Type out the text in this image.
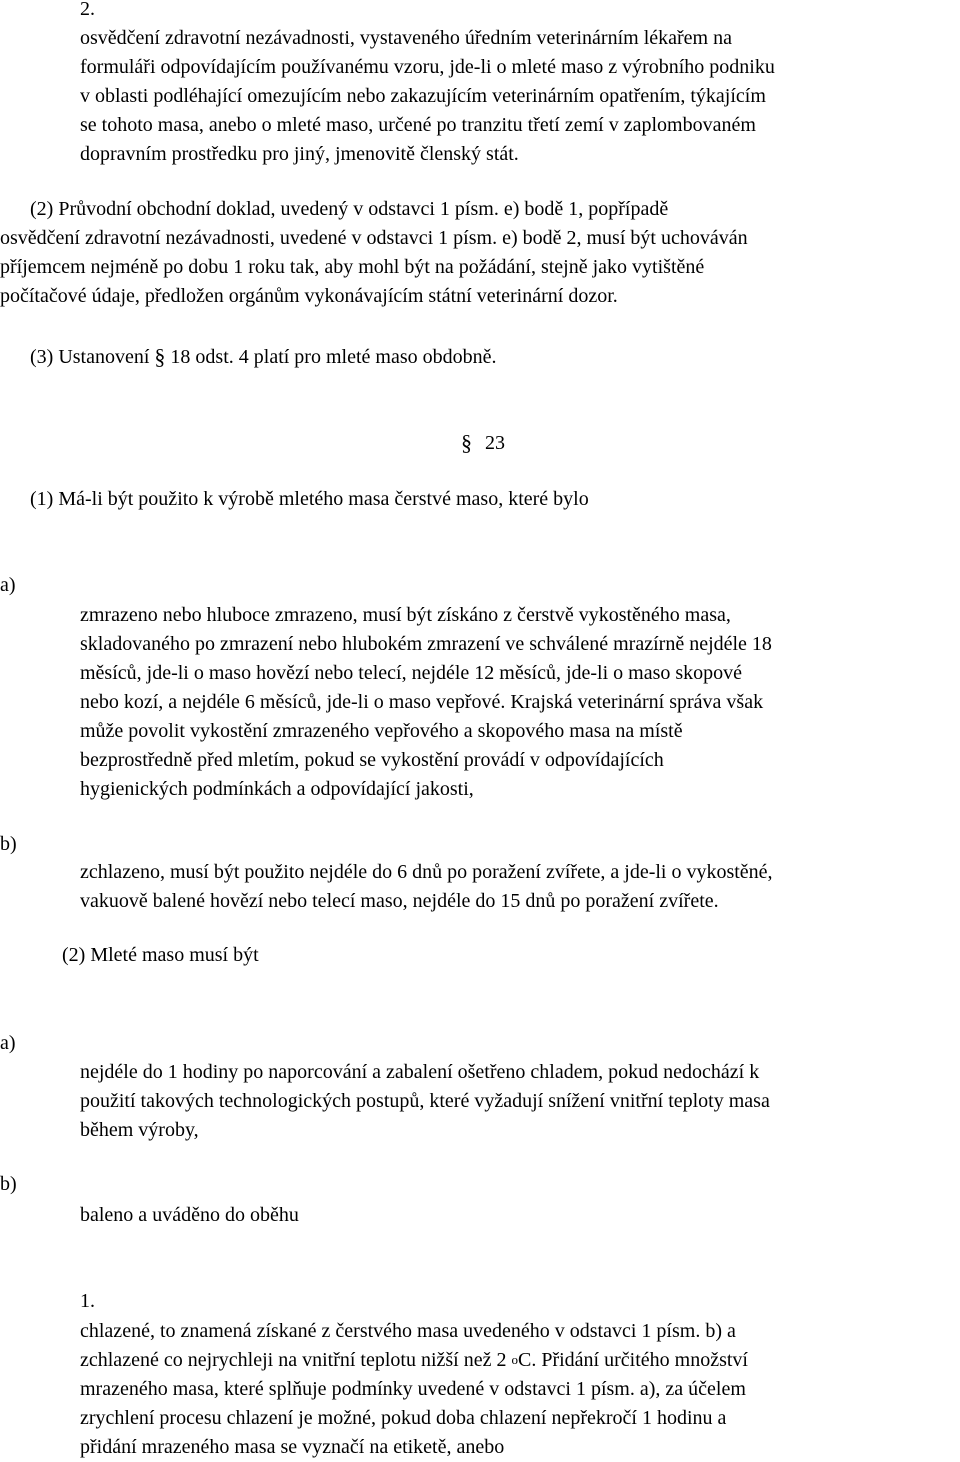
2.
osvědčení zdravotní nezávadnosti, vystaveného úředním veterinárním lékařem na
formuláři odpovídajícím používanému vzoru, jde-li o mleté maso z výrobního podniku
v oblasti podléhající omezujícím nebo zakazujícím veterinárním opatřením, týkajícím
se tohoto masa, anebo o mleté maso, určené po tranzitu třetí zemí v zaplombovaném
dopravním prostředku pro jiný, jmenovitě členský stát.
(2) Průvodní obchodní doklad, uvedený v odstavci 1 písm. e) bodě 1, popřípadě
osvědčení zdravotní nezávadnosti, uvedené v odstavci 1 písm. e) bodě 2, musí být uchováván
příjemcem nejméně po dobu 1 roku tak, aby mohl být na požádání, stejně jako vytištěné
počítačové údaje, předložen orgánům vykonávajícím státní veterinární dozor.
(3) Ustanovení § 18 odst. 4 platí pro mleté maso obdobně.
§ 23
(1) Má-li být použito k výrobě mletého masa čerstvé maso, které bylo
a)
zmrazeno nebo hluboce zmrazeno, musí být získáno z čerstvě vykostěného masa,
skladovaného po zmrazení nebo hlubokém zmrazení ve schválené mrazírně nejdéle 18
měsíců, jde-li o maso hovězí nebo telecí, nejdéle 12 měsíců, jde-li o maso skopové
nebo kozí, a nejdéle 6 měsíců, jde-li o maso vepřové. Krajská veterinární správa však
může povolit vykostění zmrazeného vepřového a skopového masa na místě
bezprostředně před mletím, pokud se vykostění provádí v odpovídajících
hygienických podmínkách a odpovídající jakosti,
b)
zchlazeno, musí být použito nejdéle do 6 dnů po poražení zvířete, a jde-li o vykostěné,
vakuově balené hovězí nebo telecí maso, nejdéle do 15 dnů po poražení zvířete.
(2) Mleté maso musí být
a)
nejdéle do 1 hodiny po naporcování a zabalení ošetřeno chladem, pokud nedochází k
použití takových technologických postupů, které vyžadují snížení vnitřní teploty masa
během výroby,
b)
baleno a uváděno do oběhu
1.
chlazené, to znamená získané z čerstvého masa uvedeného v odstavci 1 písm. b) a
zchlazené co nejrychleji na vnitřní teplotu nižší než 2 $^o$C. Přidání určitého množství
mrazeného masa, které splňuje podmínky uvedené v odstavci 1 písm. a), za účelem
zrychlení procesu chlazení je možné, pokud doba chlazení nepřekročí 1 hodinu a
přidání mrazeného masa se vyznačí na etiketě, anebo
